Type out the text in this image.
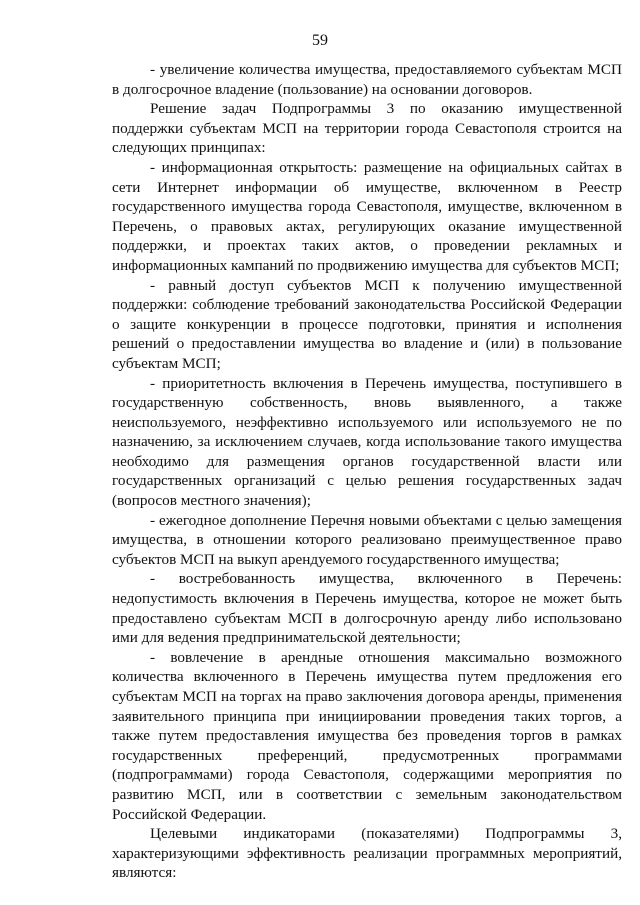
59

- увеличение количества имущества, предоставляемого субъектам МСП в долгосрочное владение (пользование) на основании договоров.

Решение задач Подпрограммы 3 по оказанию имущественной поддержки субъектам МСП на территории города Севастополя строится на следующих принципах:

- информационная открытость: размещение на официальных сайтах в сети Интернет информации об имуществе, включенном в Реестр государственного имущества города Севастополя, имуществе, включенном в Перечень, о правовых актах, регулирующих оказание имущественной поддержки, и проектах таких актов, о проведении рекламных и информационных кампаний по продвижению имущества для субъектов МСП;

- равный доступ субъектов МСП к получению имущественной поддержки: соблюдение требований законодательства Российской Федерации о защите конкуренции в процессе подготовки, принятия и исполнения решений о предоставлении имущества во владение и (или) в пользование субъектам МСП;

- приоритетность включения в Перечень имущества, поступившего в государственную собственность, вновь выявленного, а также неиспользуемого, неэффективно используемого или используемого не по назначению, за исключением случаев, когда использование такого имущества необходимо для размещения органов государственной власти или государственных организаций с целью решения государственных задач (вопросов местного значения);

- ежегодное дополнение Перечня новыми объектами с целью замещения имущества, в отношении которого реализовано преимущественное право субъектов МСП на выкуп арендуемого государственного имущества;

- востребованность имущества, включенного в Перечень: недопустимость включения в Перечень имущества, которое не может быть предоставлено субъектам МСП в долгосрочную аренду либо использовано ими для ведения предпринимательской деятельности;

- вовлечение в арендные отношения максимально возможного количества включенного в Перечень имущества путем предложения его субъектам МСП на торгах на право заключения договора аренды, применения заявительного принципа при инициировании проведения таких торгов, а также путем предоставления имущества без проведения торгов в рамках государственных преференций, предусмотренных программами (подпрограммами) города Севастополя, содержащими мероприятия по развитию МСП, или в соответствии с земельным законодательством Российской Федерации.

Целевыми индикаторами (показателями) Подпрограммы 3, характеризующими эффективность реализации программных мероприятий, являются:
